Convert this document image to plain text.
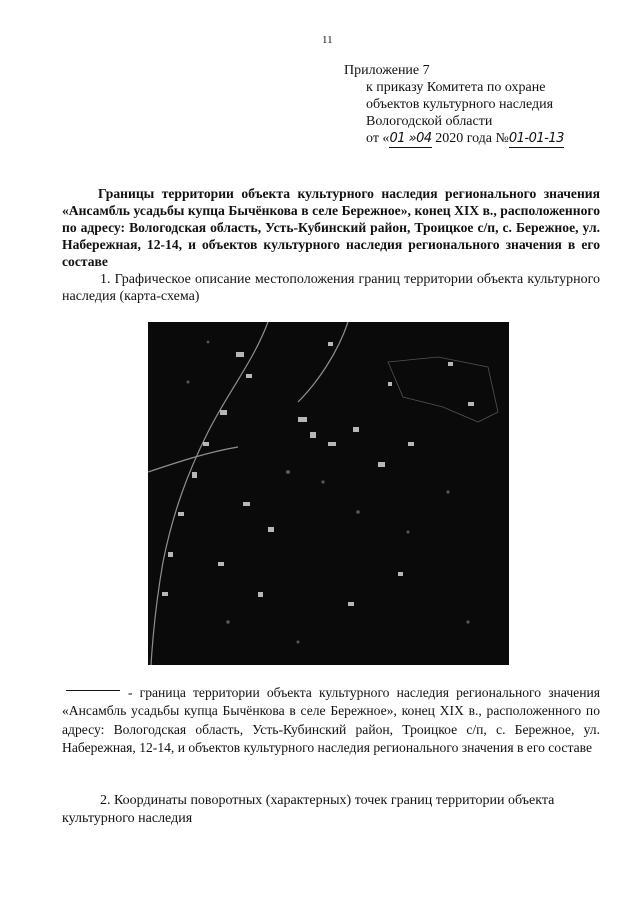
11
Приложение 7
к приказу Комитета по охране
объектов культурного наследия
Вологодской области
от «01 »04 2020 года №01-01-13
Границы территории объекта культурного наследия регионального значения «Ансамбль усадьбы купца Бычёнкова в селе Бережное», конец XIX в., расположенного по адресу: Вологодская область, Усть-Кубинский район, Троицкое с/п, с. Бережное, ул. Набережная, 12-14, и объектов культурного наследия регионального значения в его составе
1. Графическое описание местоположения границ территории объекта культурного наследия (карта-схема)
- граница территории объекта культурного наследия регионального значения «Ансамбль усадьбы купца Бычёнкова в селе Бережное», конец XIX в., расположенного по адресу: Вологодская область, Усть-Кубинский район, Троицкое с/п, с. Бережное, ул. Набережная, 12-14, и объектов культурного наследия регионального значения в его составе
2. Координаты поворотных (характерных) точек границ территории объекта культурного наследия
